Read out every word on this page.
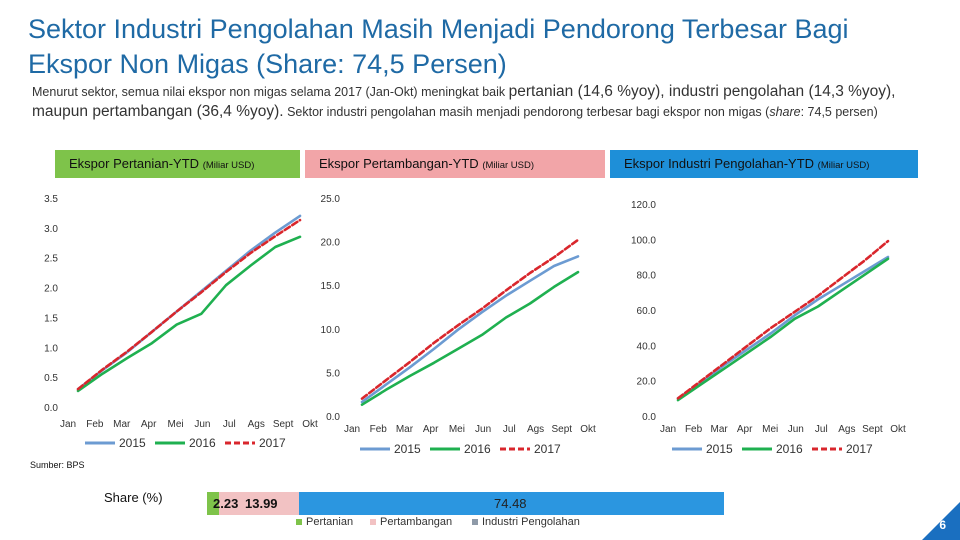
Sektor Industri Pengolahan Masih Menjadi Pendorong Terbesar Bagi
Ekspor Non Migas (Share: 74,5 Persen)
Menurut sektor, semua nilai ekspor non migas selama 2017 (Jan-Okt) meningkat baik pertanian (14,6 %yoy), industri pengolahan (14,3 %yoy), maupun pertambangan (36,4 %yoy). Sektor industri pengolahan masih menjadi pendorong terbesar bagi ekspor non migas (share: 74,5 persen)
Ekspor Pertanian-YTD (Miliar USD)	Ekspor Pertambangan-YTD (Miliar USD)	Ekspor Industri Pengolahan-YTD (Miliar USD)
0.0
0.5
1.0
1.5
2.0
2.5
3.0
3.5
Jan Feb Mar Apr Mei Jun Jul Ags Sept Okt
2015	2016	2017
0.0
5.0
10.0
15.0
20.0
25.0
Jan Feb Mar Apr Mei Jun Jul Ags Sept Okt
2015	2016	2017
0.0
20.0
40.0
60.0
80.0
100.0
120.0
Jan Feb Mar Apr Mei Jun Jul Ags Sept Okt
2015	2016	2017
Sumber: BPS
Share (%)	2.23 13.99	74.48
Pertanian	Pertambangan	Industri Pengolahan	6
